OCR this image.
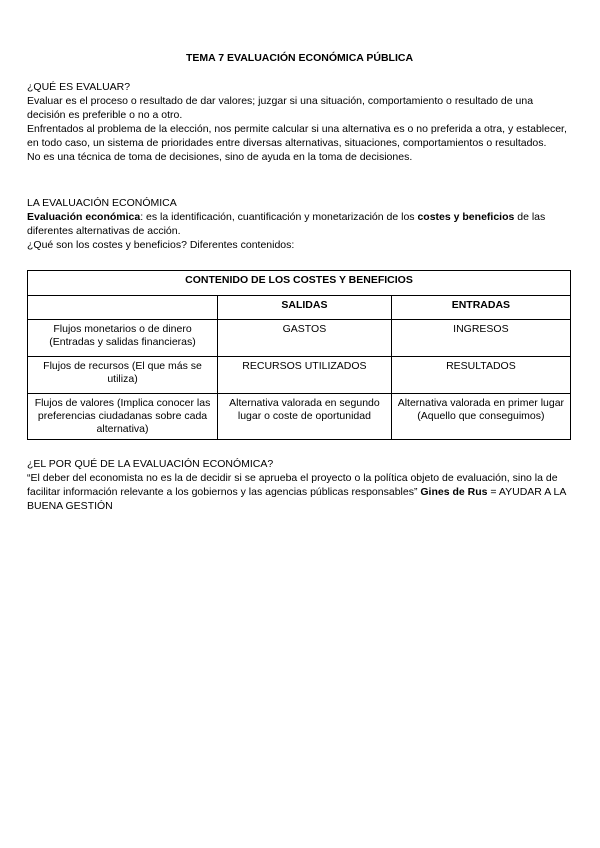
TEMA 7 EVALUACIÓN ECONÓMICA PÚBLICA

¿QUÉ ES EVALUAR?

Evaluar es el proceso o resultado de dar valores; juzgar si una situación, comportamiento o resultado de una decisión es preferible o no a otro.

Enfrentados al problema de la elección, nos permite calcular si una alternativa es o no preferida a otra, y establecer, en todo caso, un sistema de prioridades entre diversas alternativas, situaciones, comportamientos o resultados.

No es una técnica de toma de decisiones, sino de ayuda en la toma de decisiones.

LA EVALUACIÓN ECONÓMICA

Evaluación económica: es la identificación, cuantificación y monetarización de los costes y beneficios de las diferentes alternativas de acción.

¿Qué son los costes y beneficios? Diferentes contenidos:

CONTENIDO DE LOS COSTES Y BENEFICIOS		
	SALIDAS	ENTRADAS
Flujos monetarios o de dinero (Entradas y salidas financieras)	GASTOS	INGRESOS
Flujos de recursos (El que más se utiliza)	RECURSOS UTILIZADOS	RESULTADOS
Flujos de valores (Implica conocer las preferencias ciudadanas sobre cada alternativa)	Alternativa valorada en segundo lugar o coste de oportunidad	Alternativa valorada en primer lugar (Aquello que conseguimos)

¿EL POR QUÉ DE LA EVALUACIÓN ECONÓMICA?

“El deber del economista no es la de decidir si se aprueba el proyecto o la política objeto de evaluación, sino la de facilitar información relevante a los gobiernos y las agencias públicas responsables” Gines de Rus = AYUDAR A LA BUENA GESTIÓN
